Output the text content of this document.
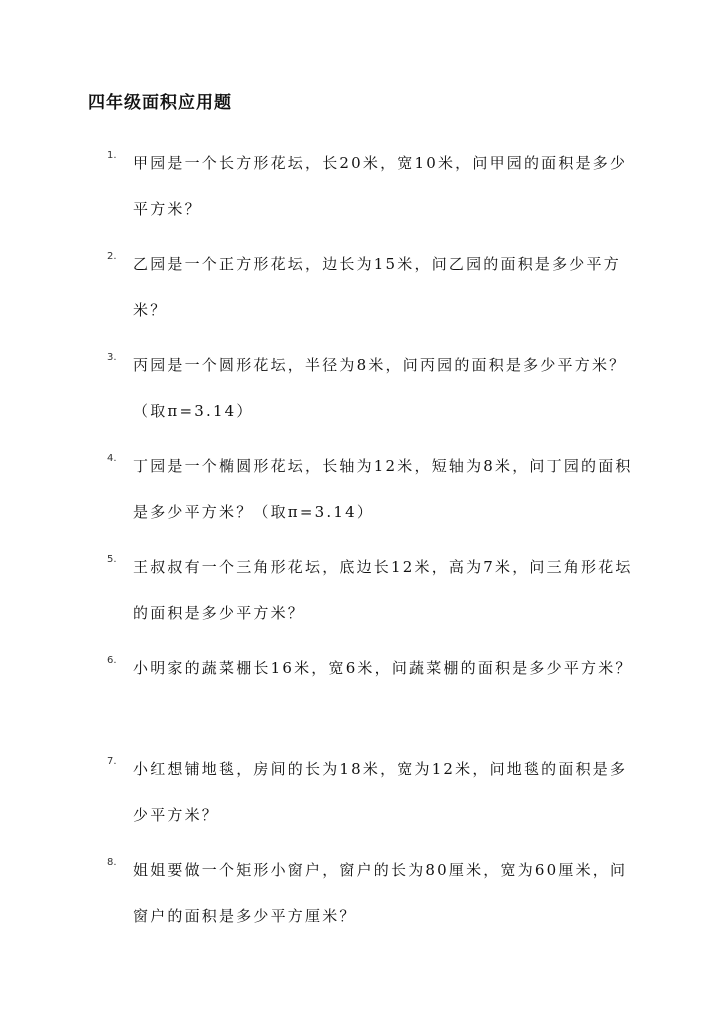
四年级面积应用题
1. 甲园是一个长方形花坛，长20米，宽10米，问甲园的面积是多少平方米？

2. 乙园是一个正方形花坛，边长为15米，问乙园的面积是多少平方米？

3. 丙园是一个圆形花坛，半径为8米，问丙园的面积是多少平方米？（取π=3.14）

4. 丁园是一个椭圆形花坛，长轴为12米，短轴为8米，问丁园的面积是多少平方米？（取π=3.14）

5. 王叔叔有一个三角形花坛，底边长12米，高为7米，问三角形花坛的面积是多少平方米？

6. 小明家的蔬菜棚长16米，宽6米，问蔬菜棚的面积是多少平方米？

7. 小红想铺地毯，房间的长为18米，宽为12米，问地毯的面积是多少平方米？

8. 姐姐要做一个矩形小窗户，窗户的长为80厘米，宽为60厘米，问窗户的面积是多少平方厘米？
